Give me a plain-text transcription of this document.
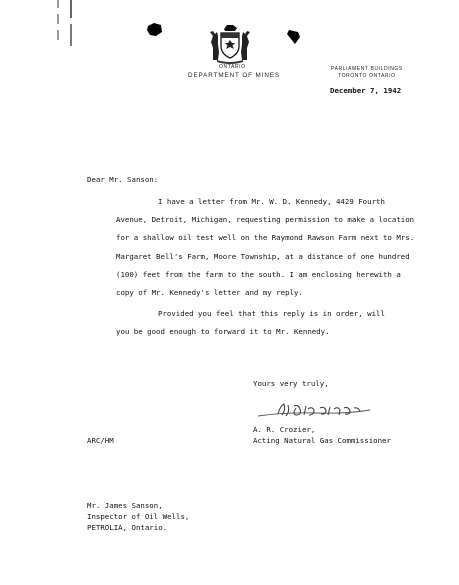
ONTARIO
DEPARTMENT OF MINES
PARLIAMENT BUILDINGS
TORONTO ONTARIO
December 7, 1942
Dear Mr. Sanson:
I have a letter from Mr. W. D. Kennedy, 4429 Fourth
Avenue, Detroit, Michigan, requesting permission to make a location
for a shallow oil test well on the Raymond Rawson Farm next to Mrs.
Margaret Bell's Farm, Moore Township, at a distance of one hundred
(100) feet from the farm to the south. I am enclosing herewith a
copy of Mr. Kennedy's letter and my reply.
Provided you feel that this reply is in order, will
you be good enough to forward it to Mr. Kennedy.
Yours very truly,
A. R. Crozier,
Acting Natural Gas Commissioner
ARC/HM
Mr. James Sanson,
Inspector of Oil Wells,
PETROLIA, Ontario.
